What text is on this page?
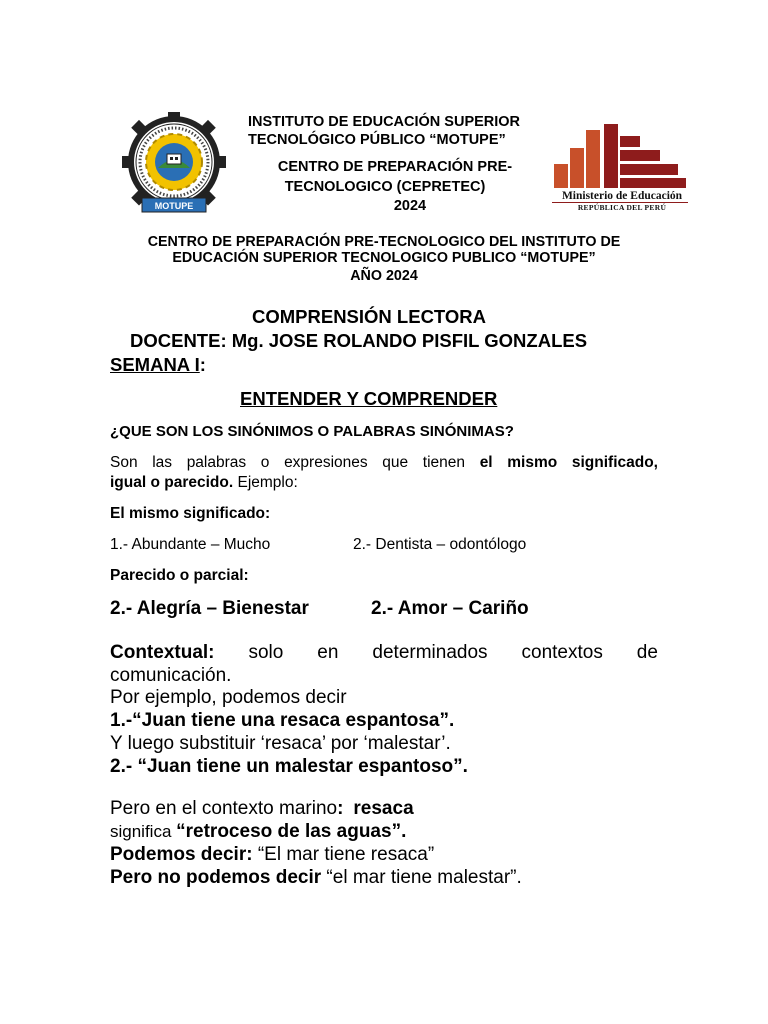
MOTUPE
INSTITUTO DE EDUCACIÓN SUPERIOR
TECNOLÓGICO PÚBLICO “MOTUPE”
CENTRO DE PREPARACIÓN PRE-
TECNOLOGICO (CEPRETEC)
2024
Ministerio de Educación
REPÚBLICA DEL PERÚ
CENTRO DE PREPARACIÓN PRE-TECNOLOGICO DEL INSTITUTO DE
EDUCACIÓN SUPERIOR TECNOLOGICO PUBLICO “MOTUPE”
AÑO 2024
COMPRENSIÓN LECTORA
DOCENTE: Mg. JOSE ROLANDO PISFIL GONZALES
SEMANA I:
ENTENDER Y COMPRENDER
¿QUE SON LOS SINÓNIMOS O PALABRAS SINÓNIMAS?
Son las palabras o expresiones que tienen el mismo significado,
igual o parecido. Ejemplo:
El mismo significado:
1.- Abundante – Mucho	2.- Dentista – odontólogo
Parecido o parcial:
2.- Alegría – Bienestar	2.- Amor – Cariño
Contextual: solo en determinados contextos de
comunicación.
Por ejemplo, podemos decir
1.-“Juan tiene una resaca espantosa”.
Y luego substituir ‘resaca’ por ‘malestar’.
2.- “Juan tiene un malestar espantoso”.
Pero en el contexto marino: resaca
significa “retroceso de las aguas”.
Podemos decir: “El mar tiene resaca”
Pero no podemos decir “el mar tiene malestar”.
